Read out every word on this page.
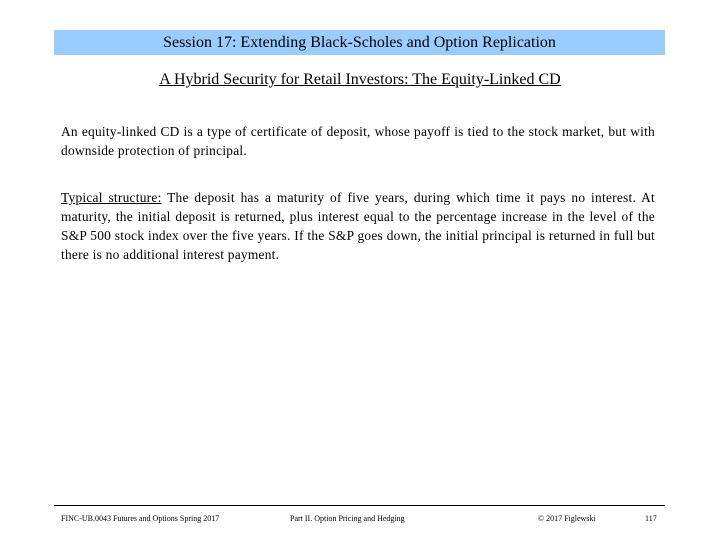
Session 17: Extending Black-Scholes and Option Replication
A Hybrid Security for Retail Investors: The Equity-Linked CD
An equity-linked CD is a type of certificate of deposit, whose payoff is tied to the stock market, but with downside protection of principal.
Typical structure: The deposit has a maturity of five years, during which time it pays no interest. At maturity, the initial deposit is returned, plus interest equal to the percentage increase in the level of the S&P 500 stock index over the five years. If the S&P goes down, the initial principal is returned in full but there is no additional interest payment.
FINC-UB.0043 Futures and Options Spring 2017	Part II. Option Pricing and Hedging	© 2017 Figlewski	117
